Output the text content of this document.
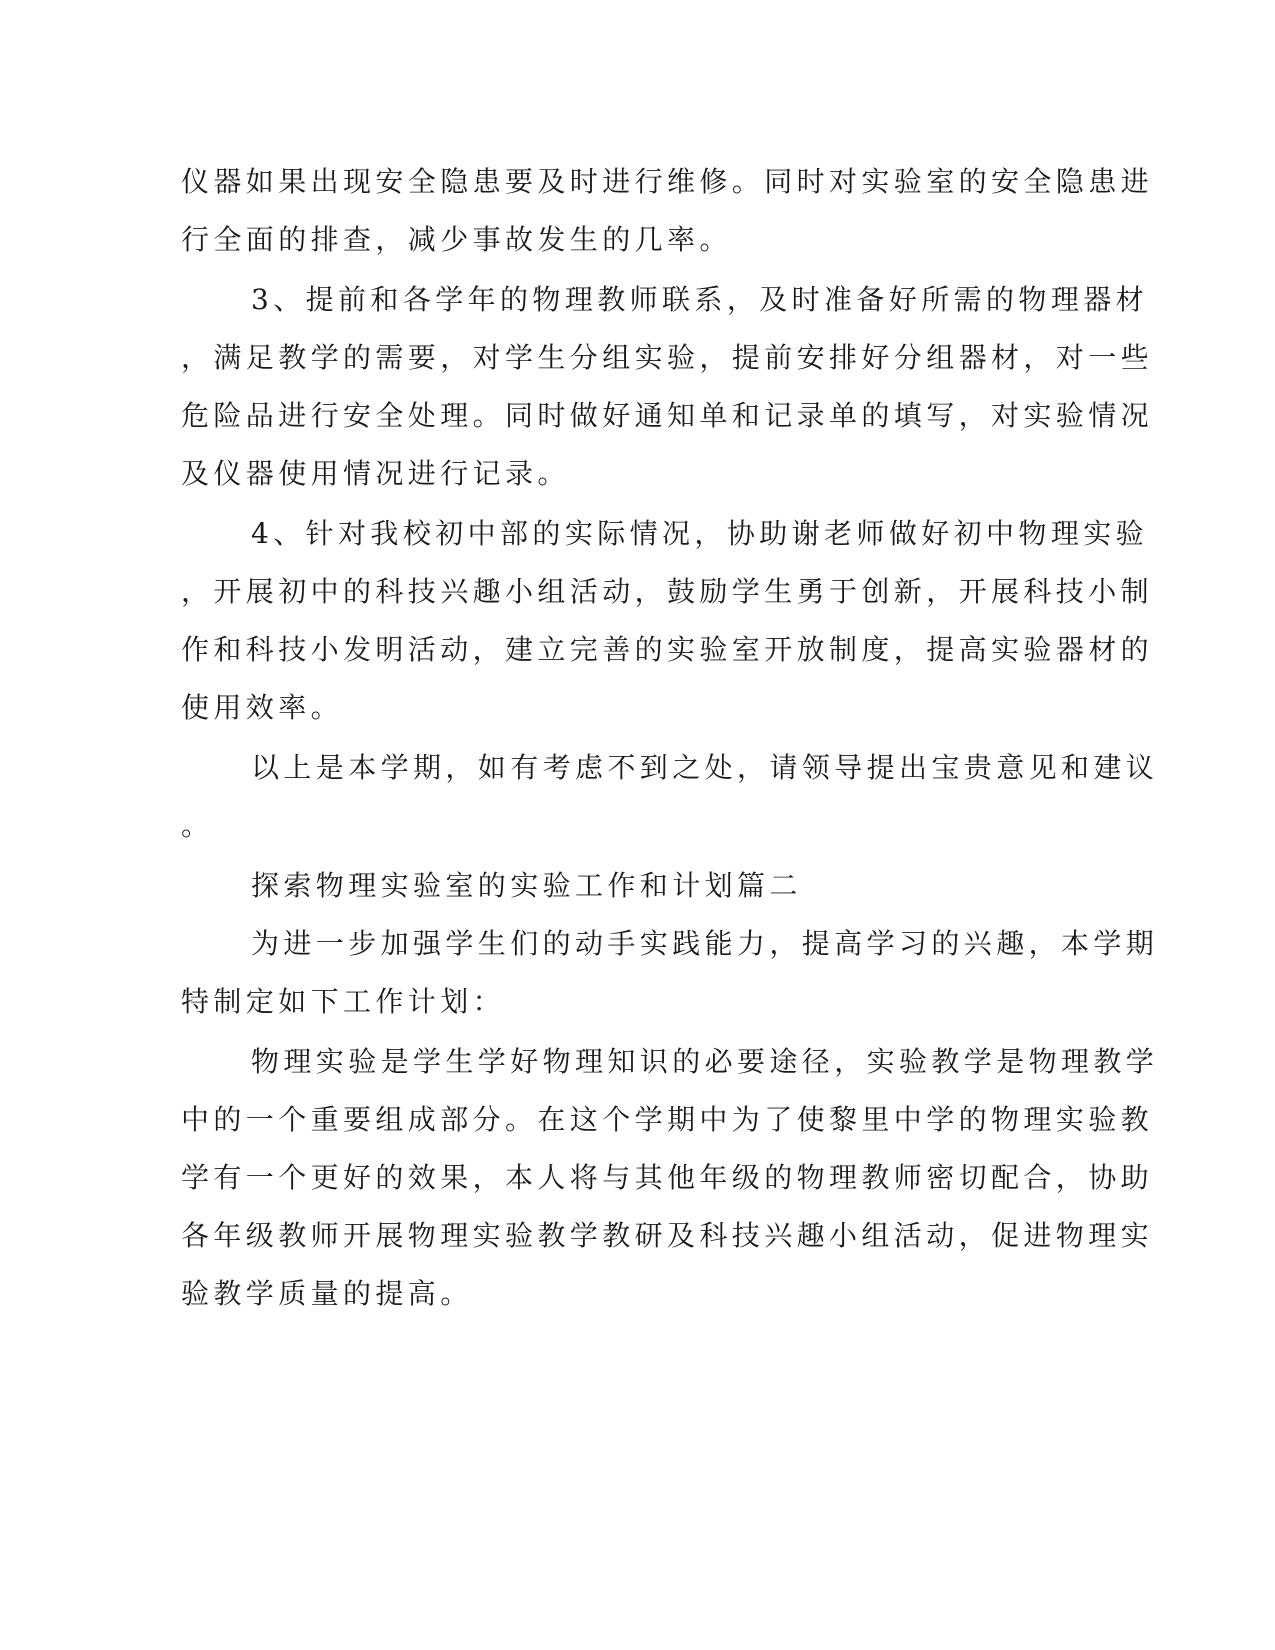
仪器如果出现安全隐患要及时进行维修。同时对实验室的安全隐患进

行全面的排查，减少事故发生的几率。

3、提前和各学年的物理教师联系，及时准备好所需的物理器材

，满足教学的需要，对学生分组实验，提前安排好分组器材，对一些

危险品进行安全处理。同时做好通知单和记录单的填写，对实验情况

及仪器使用情况进行记录。

4、针对我校初中部的实际情况，协助谢老师做好初中物理实验

，开展初中的科技兴趣小组活动，鼓励学生勇于创新，开展科技小制

作和科技小发明活动，建立完善的实验室开放制度，提高实验器材的

使用效率。

以上是本学期，如有考虑不到之处，请领导提出宝贵意见和建议

。

探索物理实验室的实验工作和计划篇二

为进一步加强学生们的动手实践能力，提高学习的兴趣，本学期

特制定如下工作计划：

物理实验是学生学好物理知识的必要途径，实验教学是物理教学

中的一个重要组成部分。在这个学期中为了使黎里中学的物理实验教

学有一个更好的效果，本人将与其他年级的物理教师密切配合，协助

各年级教师开展物理实验教学教研及科技兴趣小组活动，促进物理实

验教学质量的提高。
